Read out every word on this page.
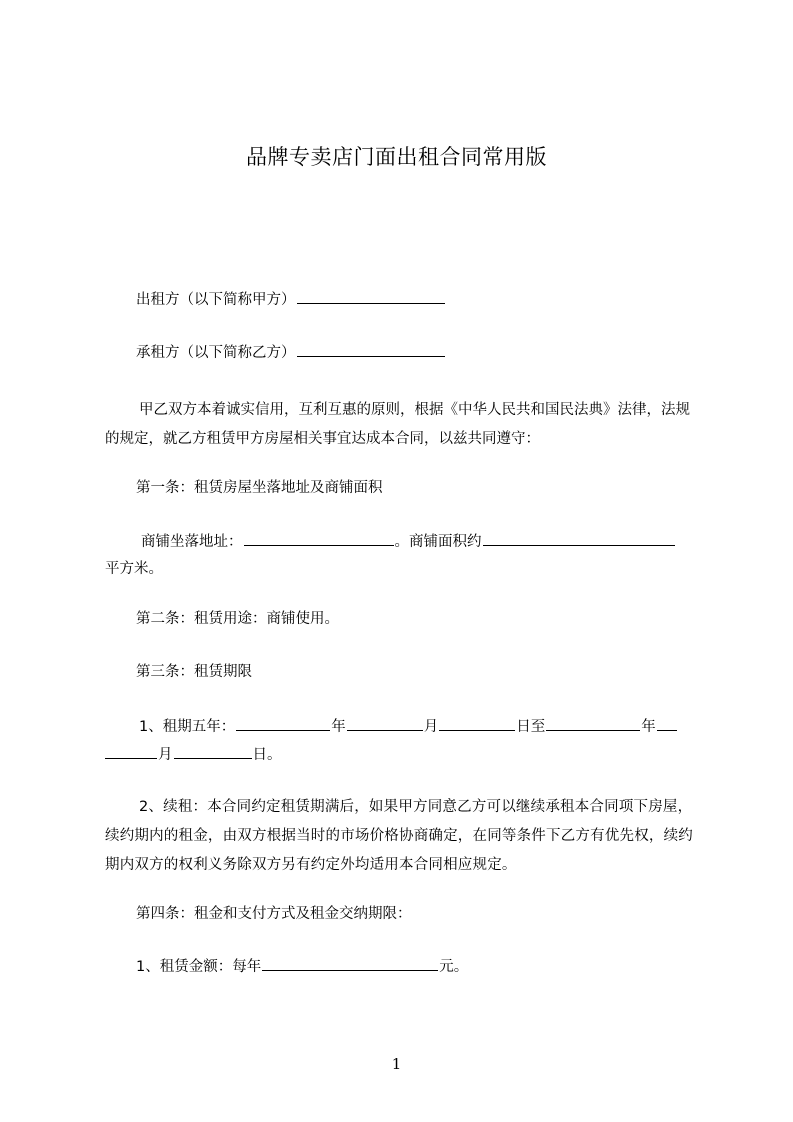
品牌专卖店门面出租合同常用版
出租方（以下简称甲方）
承租方（以下简称乙方）
甲乙双方本着诚实信用，互利互惠的原则，根据《中华人民共和国民法典》法律，法规的规定，就乙方租赁甲方房屋相关事宜达成本合同，以兹共同遵守：
第一条：租赁房屋坐落地址及商铺面积
商铺坐落地址：	。商铺面积约
平方米。
第二条：租赁用途：商铺使用。
第三条：租赁期限
1、租期五年：	年	月	日至	年
月	日。
2、续租：本合同约定租赁期满后，如果甲方同意乙方可以继续承租本合同项下房屋，续约期内的租金，由双方根据当时的市场价格协商确定，在同等条件下乙方有优先权，续约期内双方的权利义务除双方另有约定外均适用本合同相应规定。
第四条：租金和支付方式及租金交纳期限：
1、租赁金额：每年	元。
1
